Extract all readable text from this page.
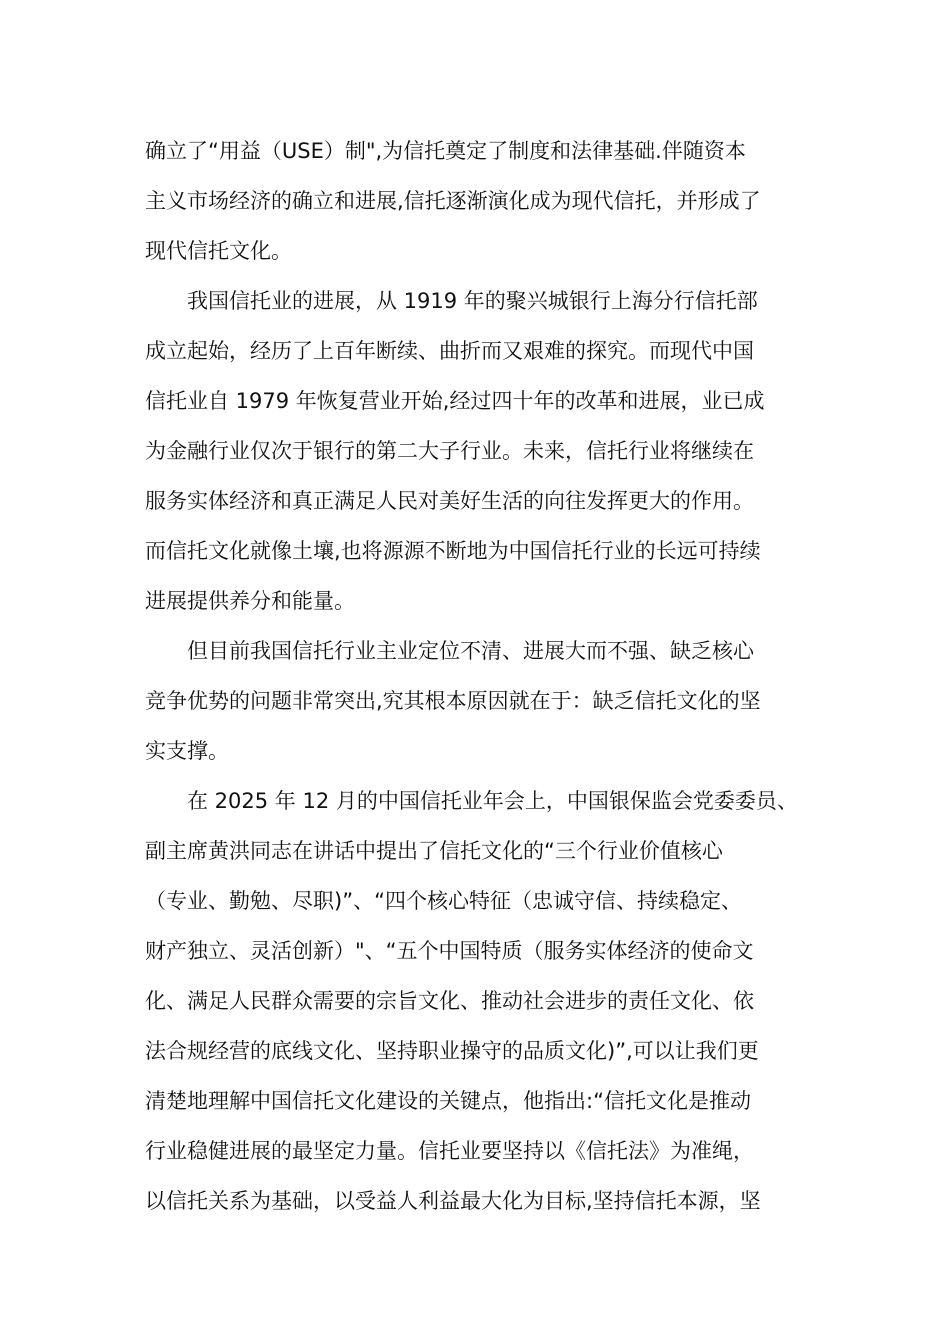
确立了“用益（USE）制",为信托奠定了制度和法律基础.伴随资本
主义市场经济的确立和进展,信托逐渐演化成为现代信托，并形成了
现代信托文化。
　　我国信托业的进展，从 1919 年的聚兴城银行上海分行信托部
成立起始，经历了上百年断续、曲折而又艰难的探究。而现代中国
信托业自 1979 年恢复营业开始,经过四十年的改革和进展，业已成
为金融行业仅次于银行的第二大子行业。未来，信托行业将继续在
服务实体经济和真正满足人民对美好生活的向往发挥更大的作用。
而信托文化就像土壤,也将源源不断地为中国信托行业的长远可持续
进展提供养分和能量。
　　但目前我国信托行业主业定位不清、进展大而不强、缺乏核心
竞争优势的问题非常突出,究其根本原因就在于：缺乏信托文化的坚
实支撑。
　　在 2025 年 12 月的中国信托业年会上，中国银保监会党委委员、
副主席黄洪同志在讲话中提出了信托文化的“三个行业价值核心
（专业、勤勉、尽职)”、“四个核心特征（忠诚守信、持续稳定、
财产独立、灵活创新）"、“五个中国特质（服务实体经济的使命文
化、满足人民群众需要的宗旨文化、推动社会进步的责任文化、依
法合规经营的底线文化、坚持职业操守的品质文化)”,可以让我们更
清楚地理解中国信托文化建设的关键点，他指出:“信托文化是推动
行业稳健进展的最坚定力量。信托业要坚持以《信托法》为准绳，
以信托关系为基础，以受益人利益最大化为目标,坚持信托本源，坚
